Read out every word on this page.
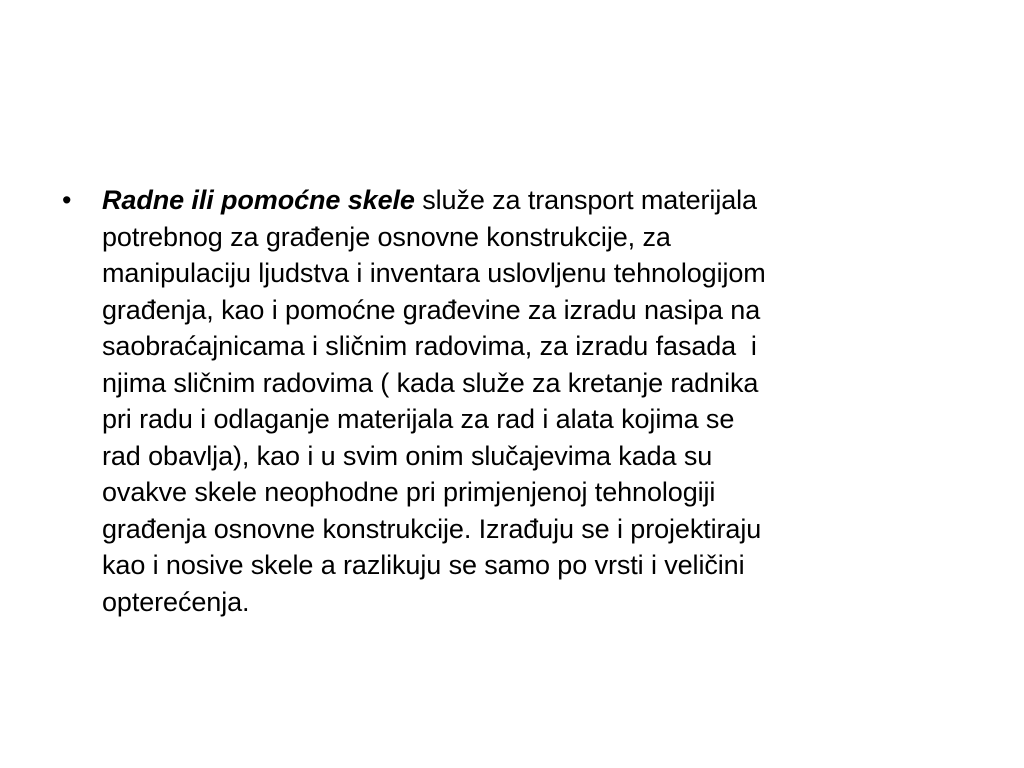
•	Radne ili pomoćne skele služe za transport materijala
potrebnog za građenje osnovne konstrukcije, za
manipulaciju ljudstva i inventara uslovljenu tehnologijom
građenja, kao i pomoćne građevine za izradu nasipa na
saobraćajnicama i sličnim radovima, za izradu fasada  i
njima sličnim radovima ( kada služe za kretanje radnika
pri radu i odlaganje materijala za rad i alata kojima se
rad obavlja), kao i u svim onim slučajevima kada su
ovakve skele neophodne pri primjenjenoj tehnologiji
građenja osnovne konstrukcije. Izrađuju se i projektiraju
kao i nosive skele a razlikuju se samo po vrsti i veličini
opterećenja.
